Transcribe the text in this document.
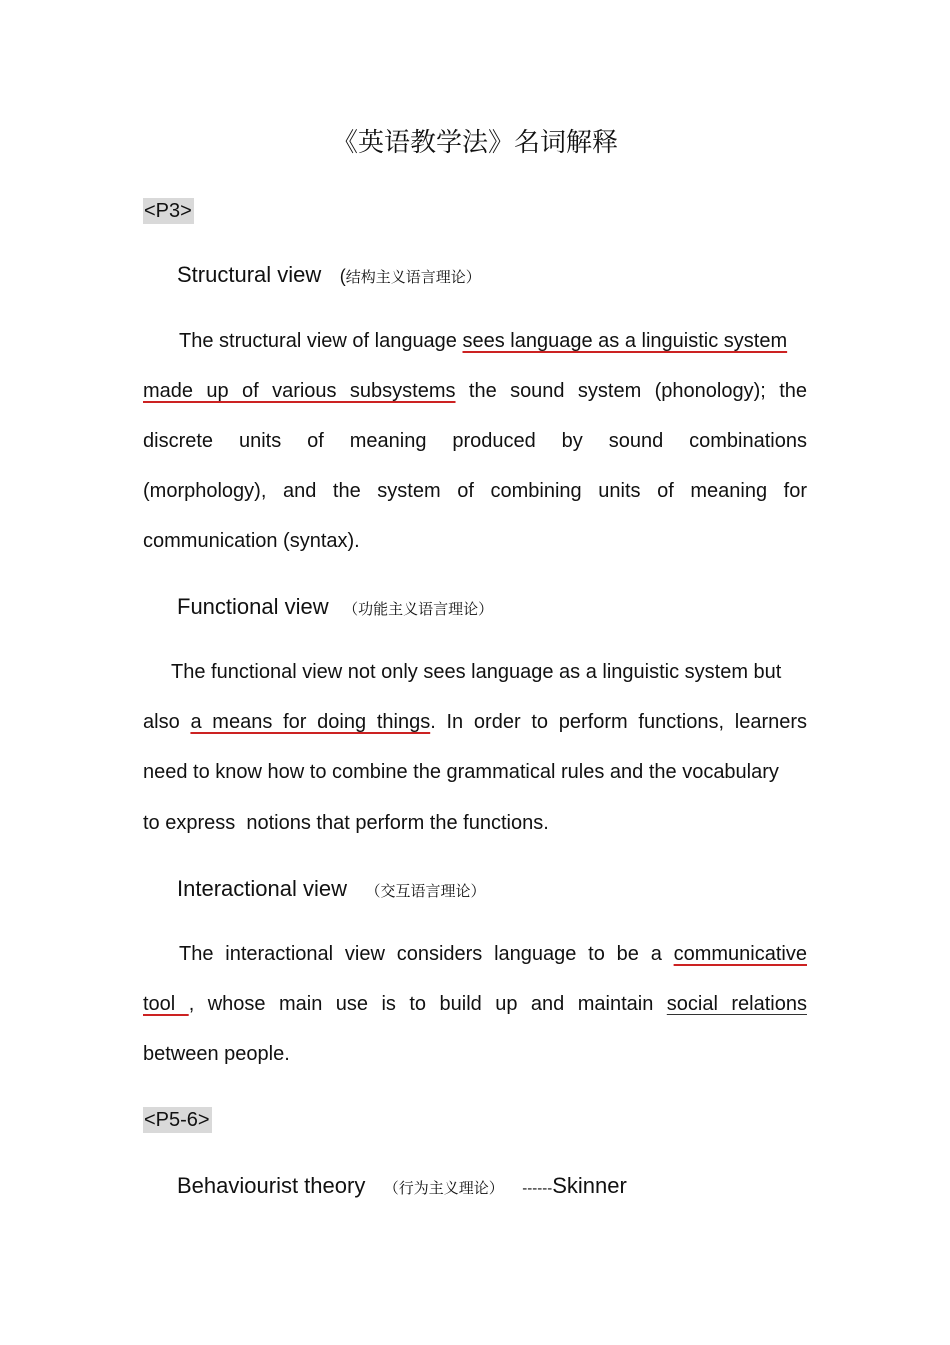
《英语教学法》名词解释
<P3>
Structural view (结构主义语言理论）
The structural view of language sees language as a linguistic system
made up of various subsystems the sound system (phonology); the
discrete units of meaning produced by sound combinations
(morphology), and the system of combining units of meaning for
communication (syntax).
Functional view （功能主义语言理论）
The functional view not only sees language as a linguistic system but
also a means for doing things. In order to perform functions, learners
need to know how to combine the grammatical rules and the vocabulary
to express  notions that perform the functions.
Interactional view （交互语言理论）
The interactional view considers language to be a communicative
tool , whose main use is to build up and maintain social relations
between people.
<P5-6>
Behaviourist theory （行为主义理论） ------Skinner
